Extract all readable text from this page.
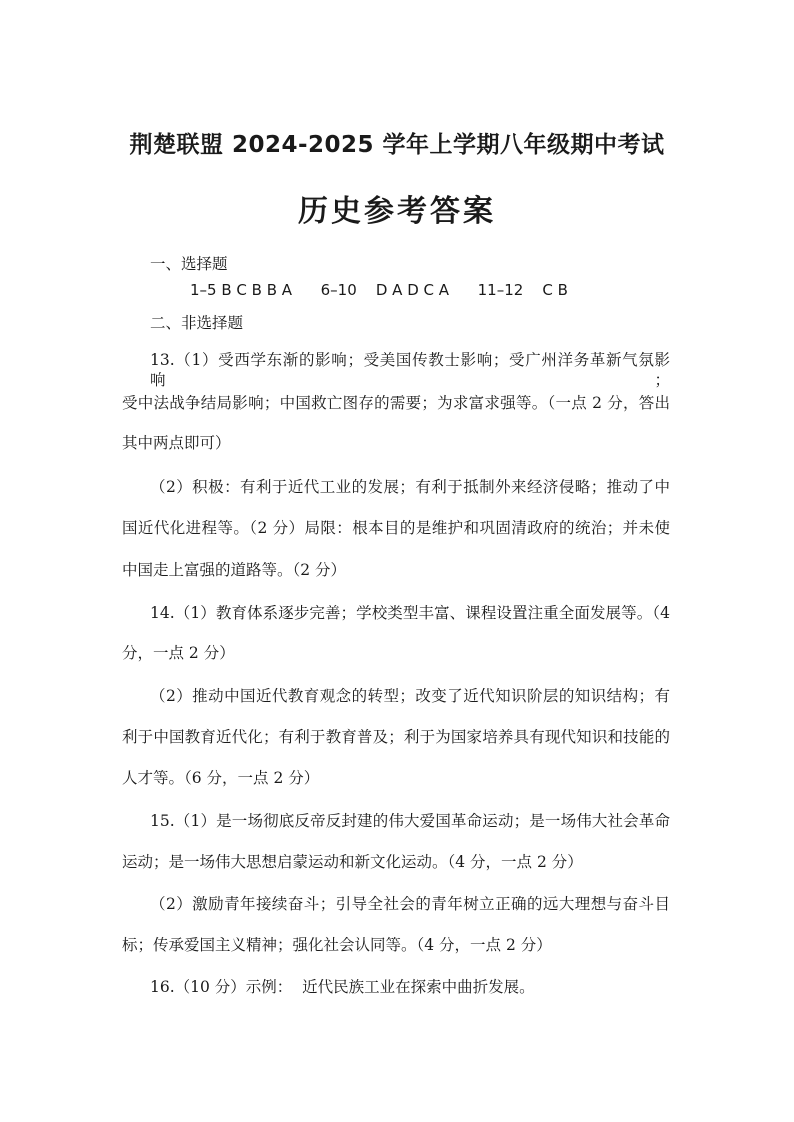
荆楚联盟 2024-2025 学年上学期八年级期中考试
历史参考答案

一、选择题

1–5 B C B B A      6–10    D A D C A      11–12    C B

二、非选择题

13.（1）受西学东渐的影响；受美国传教士影响；受广州洋务革新气氛影响；

受中法战争结局影响；中国救亡图存的需要；为求富求强等。（一点 2 分，答出

其中两点即可）

（2）积极：有利于近代工业的发展；有利于抵制外来经济侵略；推动了中

国近代化进程等。（2 分）局限：根本目的是维护和巩固清政府的统治；并未使

中国走上富强的道路等。（2 分）

14.（1）教育体系逐步完善；学校类型丰富、课程设置注重全面发展等。（4

分，一点 2 分）

（2）推动中国近代教育观念的转型；改变了近代知识阶层的知识结构；有

利于中国教育近代化；有利于教育普及；利于为国家培养具有现代知识和技能的

人才等。（6 分，一点 2 分）

15.（1）是一场彻底反帝反封建的伟大爱国革命运动；是一场伟大社会革命

运动；是一场伟大思想启蒙运动和新文化运动。（4 分，一点 2 分）

（2）激励青年接续奋斗；引导全社会的青年树立正确的远大理想与奋斗目

标；传承爱国主义精神；强化社会认同等。（4 分，一点 2 分）

16.（10 分）示例：  近代民族工业在探索中曲折发展。
